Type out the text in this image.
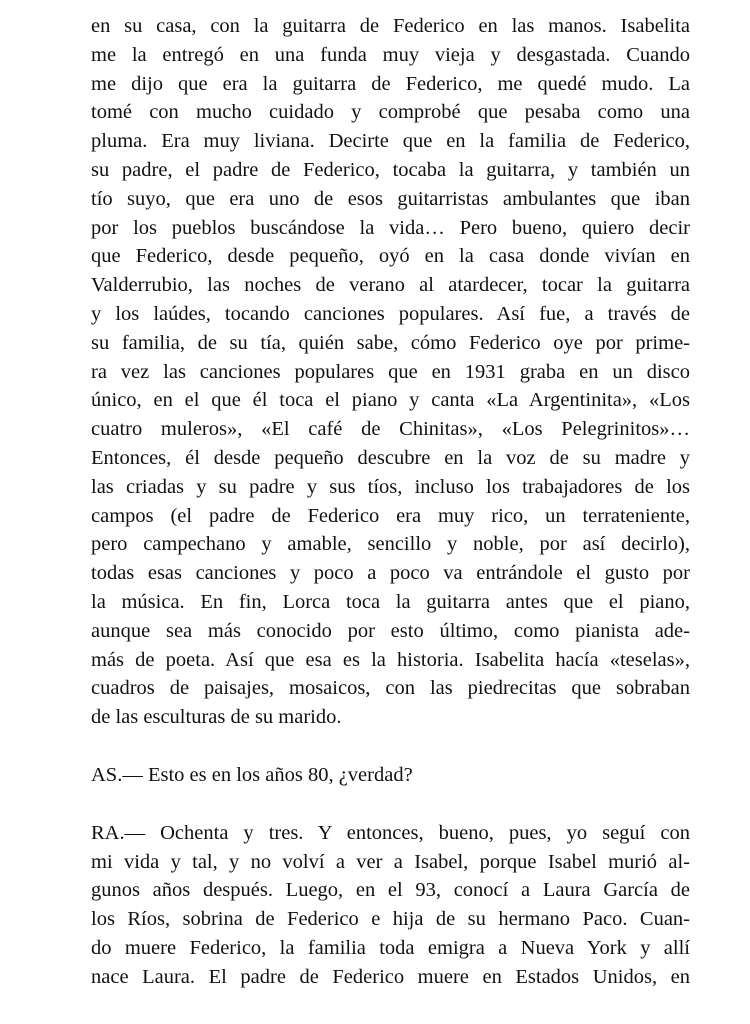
en su casa, con la guitarra de Federico en las manos. Isabelita
me la entregó en una funda muy vieja y desgastada. Cuando
me dijo que era la guitarra de Federico, me quedé mudo. La
tomé con mucho cuidado y comprobé que pesaba como una
pluma. Era muy liviana. Decirte que en la familia de Federico,
su padre, el padre de Federico, tocaba la guitarra, y también un
tío suyo, que era uno de esos guitarristas ambulantes que iban
por los pueblos buscándose la vida… Pero bueno, quiero decir
que Federico, desde pequeño, oyó en la casa donde vivían en
Valderrubio, las noches de verano al atardecer, tocar la guitarra
y los laúdes, tocando canciones populares. Así fue, a través de
su familia, de su tía, quién sabe, cómo Federico oye por prime-
ra vez las canciones populares que en 1931 graba en un disco
único, en el que él toca el piano y canta «La Argentinita», «Los
cuatro muleros», «El café de Chinitas», «Los Pelegrinitos»…
Entonces, él desde pequeño descubre en la voz de su madre y
las criadas y su padre y sus tíos, incluso los trabajadores de los
campos (el padre de Federico era muy rico, un terrateniente,
pero campechano y amable, sencillo y noble, por así decirlo),
todas esas canciones y poco a poco va entrándole el gusto por
la música. En fin, Lorca toca la guitarra antes que el piano,
aunque sea más conocido por esto último, como pianista ade-
más de poeta. Así que esa es la historia. Isabelita hacía «teselas»,
cuadros de paisajes, mosaicos, con las piedrecitas que sobraban
de las esculturas de su marido.
AS.— Esto es en los años 80, ¿verdad?
RA.— Ochenta y tres. Y entonces, bueno, pues, yo seguí con
mi vida y tal, y no volví a ver a Isabel, porque Isabel murió al-
gunos años después. Luego, en el 93, conocí a Laura García de
los Ríos, sobrina de Federico e hija de su hermano Paco. Cuan-
do muere Federico, la familia toda emigra a Nueva York y allí
nace Laura. El padre de Federico muere en Estados Unidos, en
